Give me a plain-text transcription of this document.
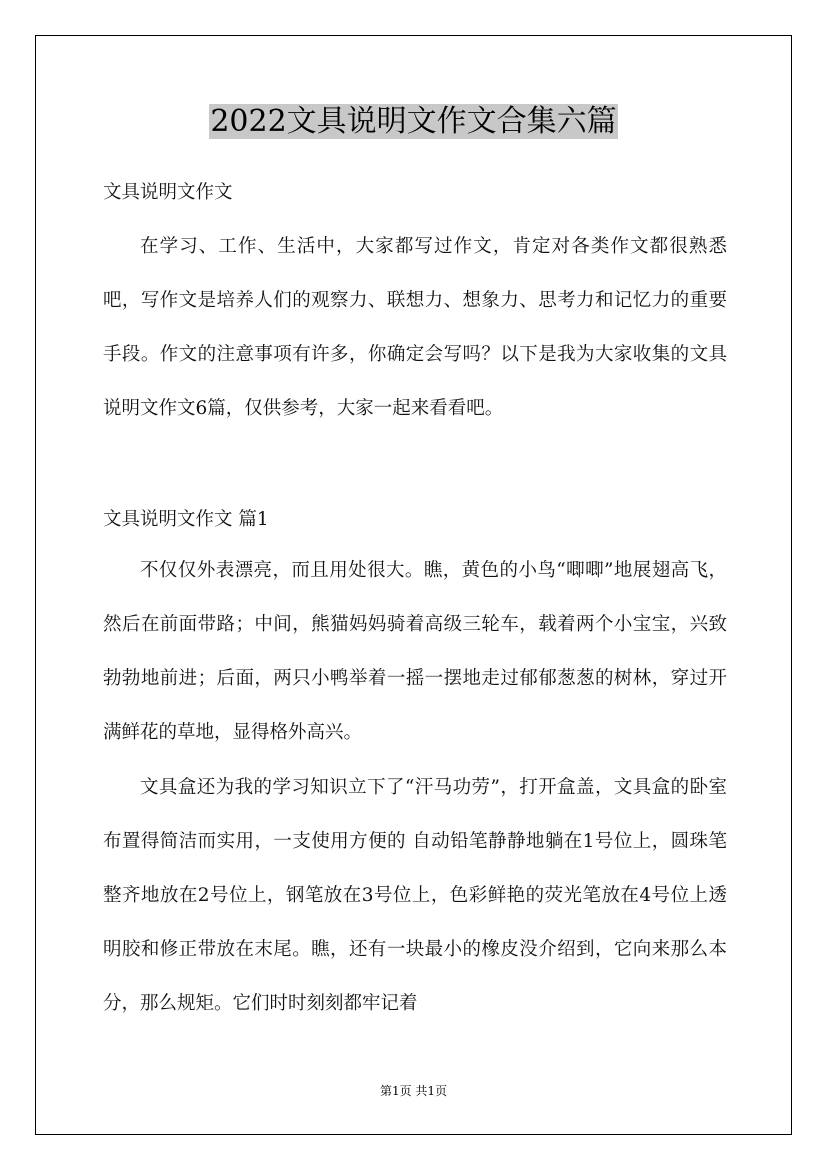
2022文具说明文作文合集六篇
文具说明文作文
在学习、工作、生活中，大家都写过作文，肯定对各类作文都很熟悉吧，写作文是培养人们的观察力、联想力、想象力、思考力和记忆力的重要手段。作文的注意事项有许多，你确定会写吗？以下是我为大家收集的文具说明文作文6篇，仅供参考，大家一起来看看吧。
文具说明文作文 篇1
不仅仅外表漂亮，而且用处很大。瞧，黄色的小鸟“唧唧”地展翅高飞，然后在前面带路；中间，熊猫妈妈骑着高级三轮车，载着两个小宝宝，兴致勃勃地前进；后面，两只小鸭举着一摇一摆地走过郁郁葱葱的树林，穿过开满鲜花的草地，显得格外高兴。
文具盒还为我的学习知识立下了“汗马功劳”，打开盒盖，文具盒的卧室布置得简洁而实用，一支使用方便的 自动铅笔静静地躺在1号位上，圆珠笔整齐地放在2号位上，钢笔放在3号位上，色彩鲜艳的荧光笔放在4号位上透明胶和修正带放在末尾。瞧，还有一块最小的橡皮没介绍到，它向来那么本分，那么规矩。它们时时刻刻都牢记着
第1页 共1页
